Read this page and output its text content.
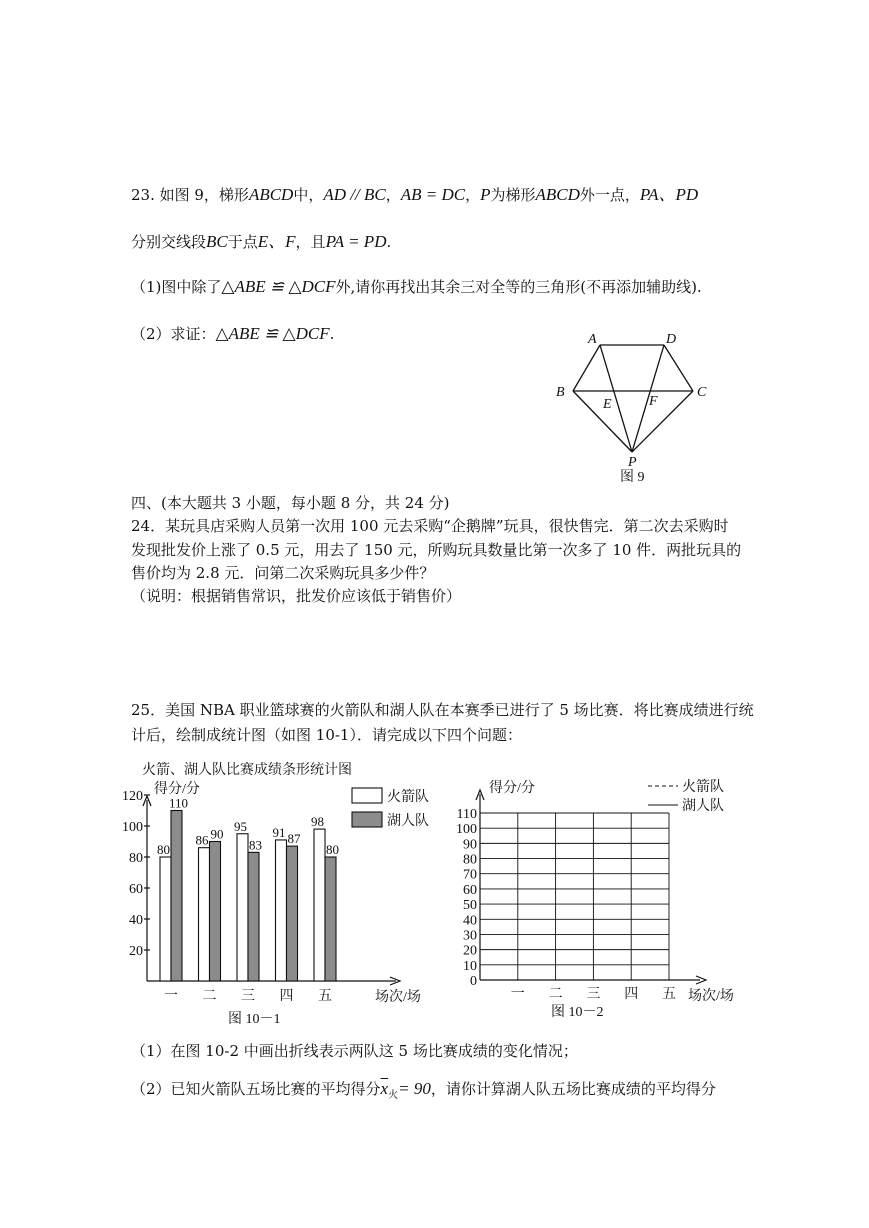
23. 如图 9，梯形ABCD中，AD // BC，AB = DC，P为梯形ABCD外一点，PA、PD
分别交线段BC于点E、F，且PA = PD.
（1)图中除了△ABE ≌ △DCF外,请你再找出其余三对全等的三角形(不再添加辅助线).
（2）求证：△ABE ≌ △DCF.	A	D
B	C
E	F
P
图 9
四、(本大题共 3 小题，每小题 8 分，共 24 分)
24．某玩具店采购人员第一次用 100 元去采购“企鹅牌”玩具，很快售完．第二次去采购时
发现批发价上涨了 0.5 元，用去了 150 元，所购玩具数量比第一次多了 10 件．两批玩具的
售价均为 2.8 元．问第二次采购玩具多少件？
（说明：根据销售常识，批发价应该低于销售价）
25．美国 NBA 职业篮球赛的火箭队和湖人队在本赛季已进行了 5 场比赛．将比赛成绩进行统
计后，绘制成统计图（如图 10-1）．请完成以下四个问题：
火箭、湖人队比赛成绩条形统计图
得分/分
场次/场
图 10－1
20
40
60
80
100
120
80
110
一
86 90
二
95
83
三
91 87
四
98
80
五
火箭队
湖人队
得分/分
场次/场
图 10－2
0
10
20
30
40
50
60
70
80
90
100
110
一 二 三 四 五
火箭队
湖人队
（1）在图 10-2 中画出折线表示两队这 5 场比赛成绩的变化情况；
（2）已知火箭队五场比赛的平均得分$\overline{x}_火= 90$，请你计算湖人队五场比赛成绩的平均得分
